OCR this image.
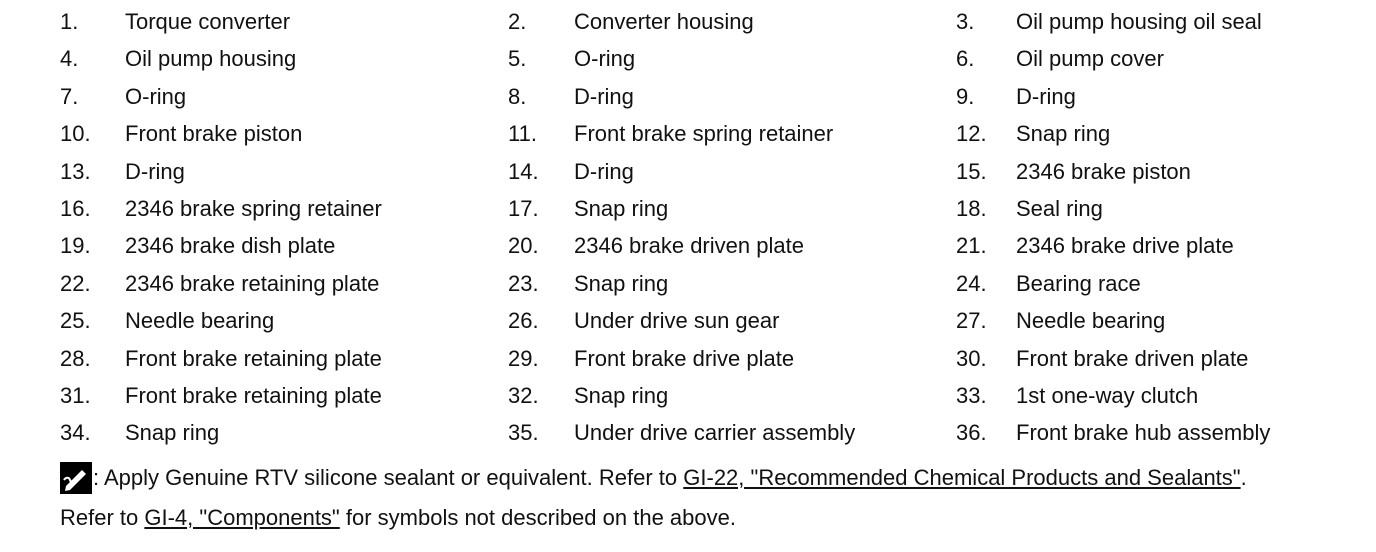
1.	Torque converter	2.	Converter housing	3.	Oil pump housing oil seal
4.	Oil pump housing	5.	O-ring	6.	Oil pump cover
7.	O-ring	8.	D-ring	9.	D-ring
10.	Front brake piston	11.	Front brake spring retainer	12.	Snap ring
13.	D-ring	14.	D-ring	15.	2346 brake piston
16.	2346 brake spring retainer	17.	Snap ring	18.	Seal ring
19.	2346 brake dish plate	20.	2346 brake driven plate	21.	2346 brake drive plate
22.	2346 brake retaining plate	23.	Snap ring	24.	Bearing race
25.	Needle bearing	26.	Under drive sun gear	27.	Needle bearing
28.	Front brake retaining plate	29.	Front brake drive plate	30.	Front brake driven plate
31.	Front brake retaining plate	32.	Snap ring	33.	1st one-way clutch
34.	Snap ring	35.	Under drive carrier assembly	36.	Front brake hub assembly
: Apply Genuine RTV silicone sealant or equivalent. Refer to GI-22, "Recommended Chemical Products and Sealants".
Refer to GI-4, "Components" for symbols not described on the above.
